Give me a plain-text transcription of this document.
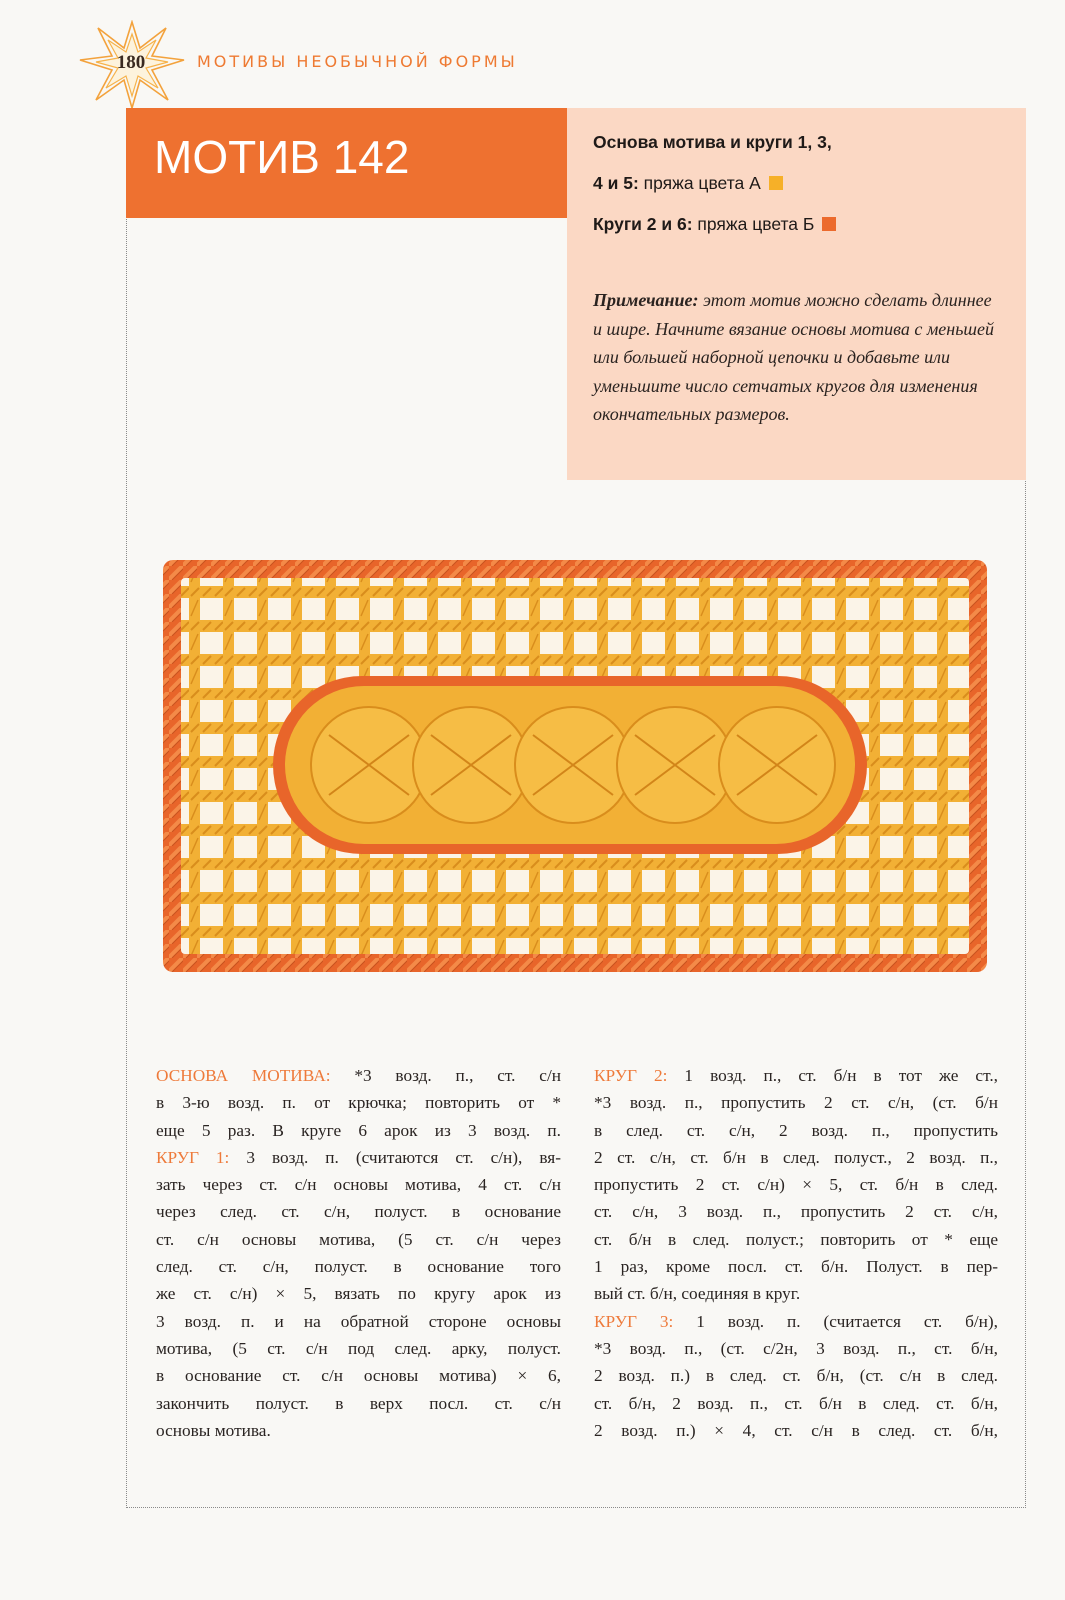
180	МОТИВЫ НЕОБЫЧНОЙ ФОРМЫ
МОТИВ 142	Основа мотива и круги 1, 3,
4 и 5: пряжа цвета А
Круги 2 и 6: пряжа цвета Б
Примечание: этот мотив можно сделать длиннее и шире. Начните вязание основы мотива с меньшей или большей наборной цепочки и добавьте или уменьшите число сетчатых кругов для изменения окончательных размеров.
ОСНОВА МОТИВА: *3 возд. п., ст. с/н
в 3-ю возд. п. от крючка; повторить от *
еще 5 раз. В круге 6 арок из 3 возд. п.
КРУГ 1: 3 возд. п. (считаются ст. с/н), вя-
зать через ст. с/н основы мотива, 4 ст. с/н
через след. ст. с/н, полуст. в основание
ст. с/н основы мотива, (5 ст. с/н через
след. ст. с/н, полуст. в основание того
же ст. с/н) × 5, вязать по кругу арок из
3 возд. п. и на обратной стороне основы
мотива, (5 ст. с/н под след. арку, полуст.
в основание ст. с/н основы мотива) × 6,
закончить полуст. в верх посл. ст. с/н
основы мотива.
КРУГ 2: 1 возд. п., ст. б/н в тот же ст.,
*3 возд. п., пропустить 2 ст. с/н, (ст. б/н
в след. ст. с/н, 2 возд. п., пропустить
2 ст. с/н, ст. б/н в след. полуст., 2 возд. п.,
пропустить 2 ст. с/н) × 5, ст. б/н в след.
ст. с/н, 3 возд. п., пропустить 2 ст. с/н,
ст. б/н в след. полуст.; повторить от * еще
1 раз, кроме посл. ст. б/н. Полуст. в пер-
вый ст. б/н, соединяя в круг.
КРУГ 3: 1 возд. п. (считается ст. б/н),
*3 возд. п., (ст. с/2н, 3 возд. п., ст. б/н,
2 возд. п.) в след. ст. б/н, (ст. с/н в след.
ст. б/н, 2 возд. п., ст. б/н в след. ст. б/н,
2 возд. п.) × 4, ст. с/н в след. ст. б/н,
